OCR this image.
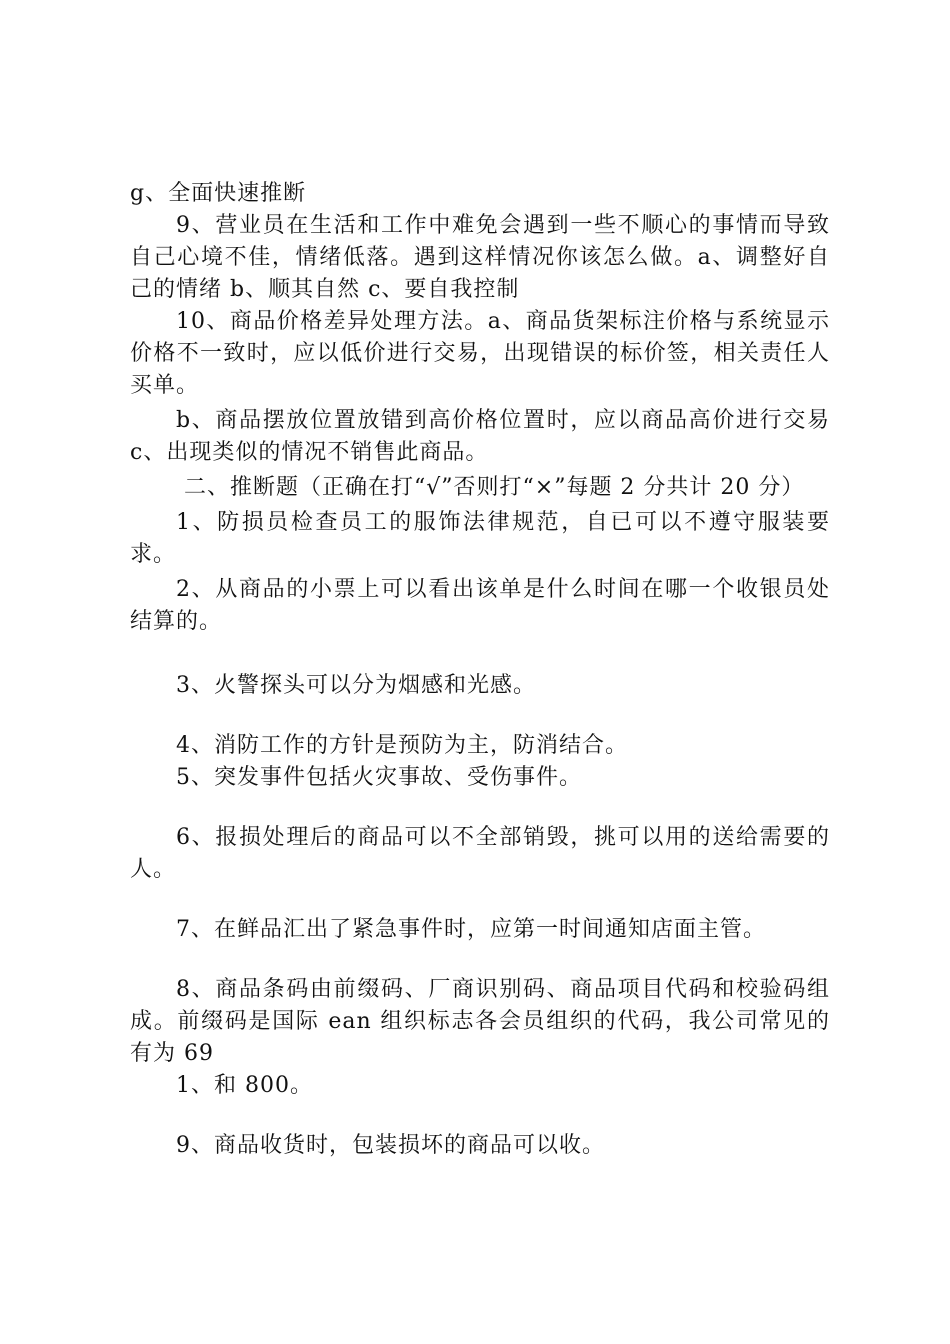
g、全面快速推断

9、营业员在生活和工作中难免会遇到一些不顺心的事情而导致自己心境不佳，情绪低落。遇到这样情况你该怎么做。a、调整好自己的情绪 b、顺其自然 c、要自我控制

10、商品价格差异处理方法。a、商品货架标注价格与系统显示价格不一致时，应以低价进行交易，出现错误的标价签，相关责任人买单。

b、商品摆放位置放错到高价格位置时，应以商品高价进行交易 c、出现类似的情况不销售此商品。

二、推断题（正确在打“√”否则打“×”每题 2 分共计 20 分）

1、防损员检查员工的服饰法律规范，自已可以不遵守服装要求。

2、从商品的小票上可以看出该单是什么时间在哪一个收银员处结算的。

3、火警探头可以分为烟感和光感。

4、消防工作的方针是预防为主，防消结合。

5、突发事件包括火灾事故、受伤事件。

6、报损处理后的商品可以不全部销毁，挑可以用的送给需要的人。

7、在鲜品汇出了紧急事件时，应第一时间通知店面主管。

8、商品条码由前缀码、厂商识别码、商品项目代码和校验码组成。前缀码是国际 ean 组织标志各会员组织的代码，我公司常见的有为 69

1、和 800。

9、商品收货时，包装损坏的商品可以收。
